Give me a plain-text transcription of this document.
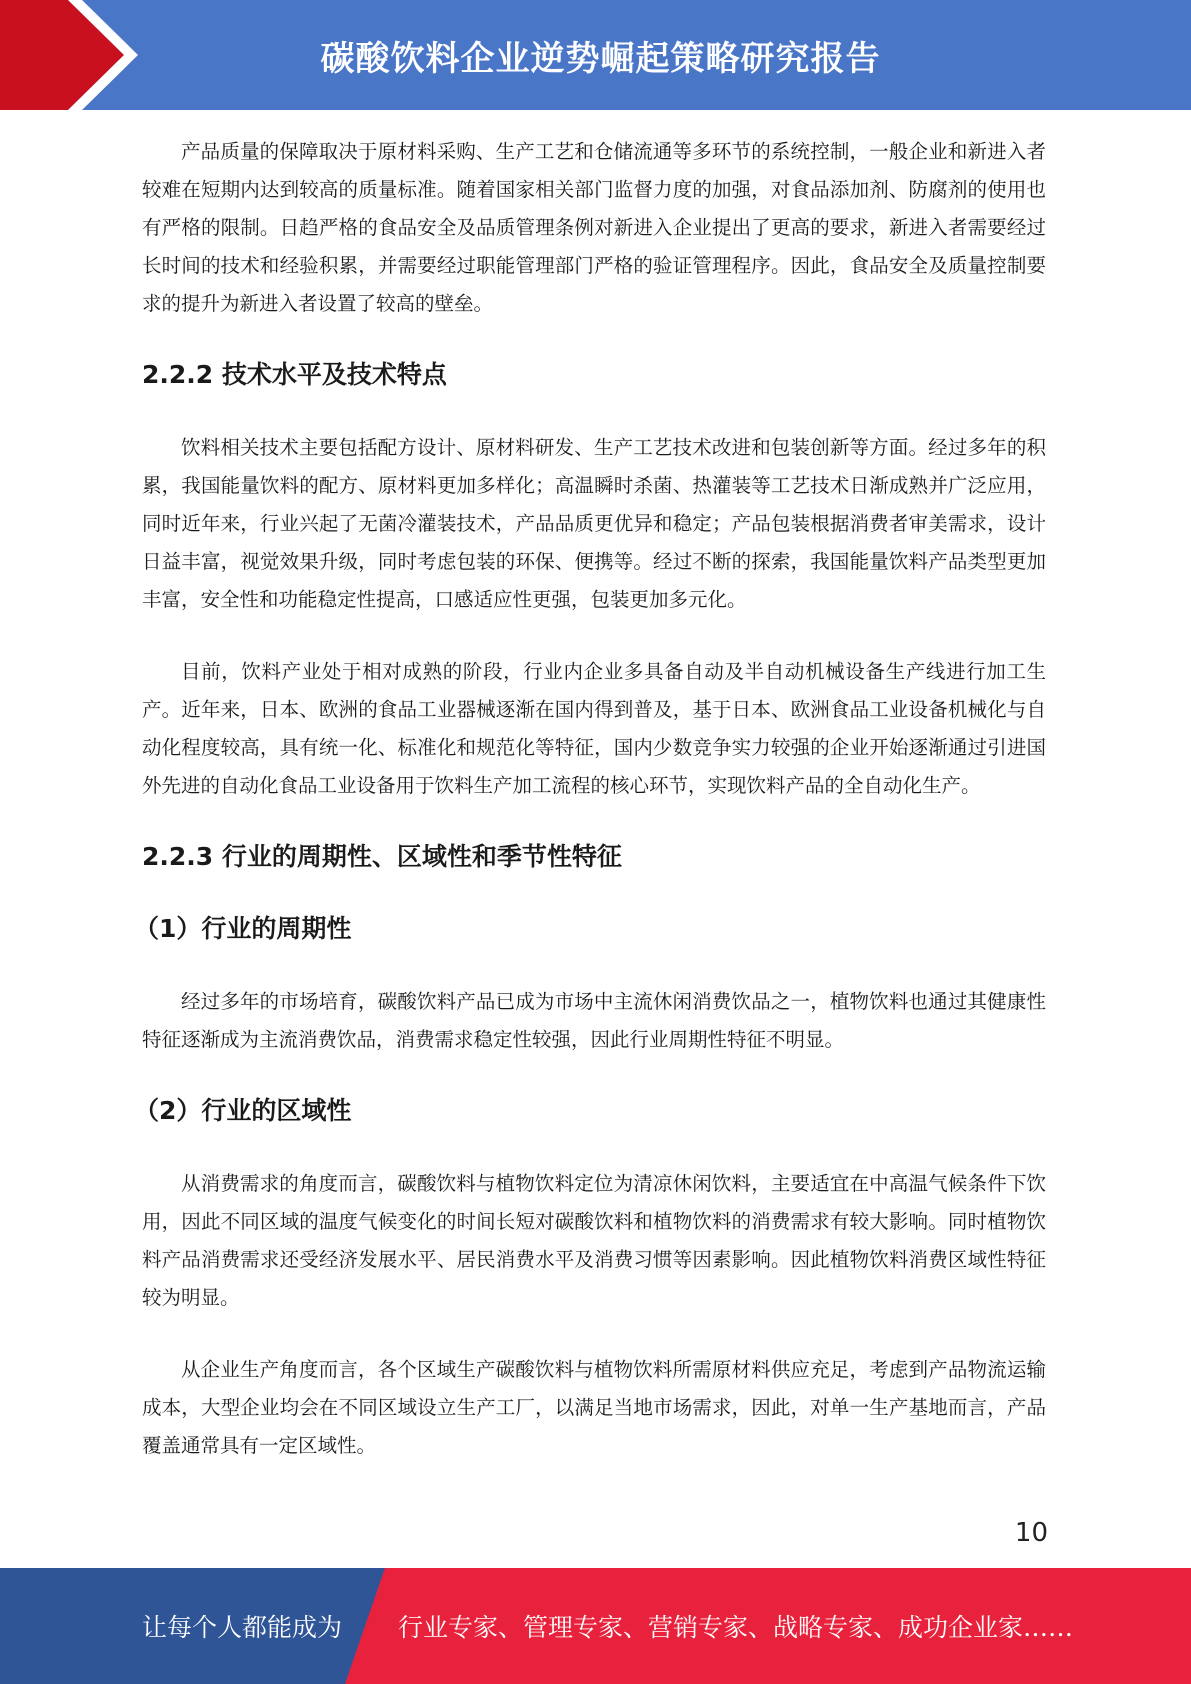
碳酸饮料企业逆势崛起策略研究报告

产品质量的保障取决于原材料采购、生产工艺和仓储流通等多环节的系统控制，一般企业和新进入者较难在短期内达到较高的质量标准。随着国家相关部门监督力度的加强，对食品添加剂、防腐剂的使用也有严格的限制。日趋严格的食品安全及品质管理条例对新进入企业提出了更高的要求，新进入者需要经过长时间的技术和经验积累，并需要经过职能管理部门严格的验证管理程序。因此，食品安全及质量控制要求的提升为新进入者设置了较高的壁垒。

2.2.2 技术水平及技术特点

饮料相关技术主要包括配方设计、原材料研发、生产工艺技术改进和包装创新等方面。经过多年的积累，我国能量饮料的配方、原材料更加多样化；高温瞬时杀菌、热灌装等工艺技术日渐成熟并广泛应用，同时近年来，行业兴起了无菌冷灌装技术，产品品质更优异和稳定；产品包装根据消费者审美需求，设计日益丰富，视觉效果升级，同时考虑包装的环保、便携等。经过不断的探索，我国能量饮料产品类型更加丰富，安全性和功能稳定性提高，口感适应性更强，包装更加多元化。

目前，饮料产业处于相对成熟的阶段，行业内企业多具备自动及半自动机械设备生产线进行加工生产。近年来，日本、欧洲的食品工业器械逐渐在国内得到普及，基于日本、欧洲食品工业设备机械化与自动化程度较高，具有统一化、标准化和规范化等特征，国内少数竞争实力较强的企业开始逐渐通过引进国外先进的自动化食品工业设备用于饮料生产加工流程的核心环节，实现饮料产品的全自动化生产。

2.2.3 行业的周期性、区域性和季节性特征
（1）行业的周期性

经过多年的市场培育，碳酸饮料产品已成为市场中主流休闲消费饮品之一，植物饮料也通过其健康性特征逐渐成为主流消费饮品，消费需求稳定性较强，因此行业周期性特征不明显。

（2）行业的区域性

从消费需求的角度而言，碳酸饮料与植物饮料定位为清凉休闲饮料，主要适宜在中高温气候条件下饮用，因此不同区域的温度气候变化的时间长短对碳酸饮料和植物饮料的消费需求有较大影响。同时植物饮料产品消费需求还受经济发展水平、居民消费水平及消费习惯等因素影响。因此植物饮料消费区域性特征较为明显。

从企业生产角度而言，各个区域生产碳酸饮料与植物饮料所需原材料供应充足，考虑到产品物流运输成本，大型企业均会在不同区域设立生产工厂，以满足当地市场需求，因此，对单一生产基地而言，产品覆盖通常具有一定区域性。

10
让每个人都能成为 行业专家、管理专家、营销专家、战略专家、成功企业家……
